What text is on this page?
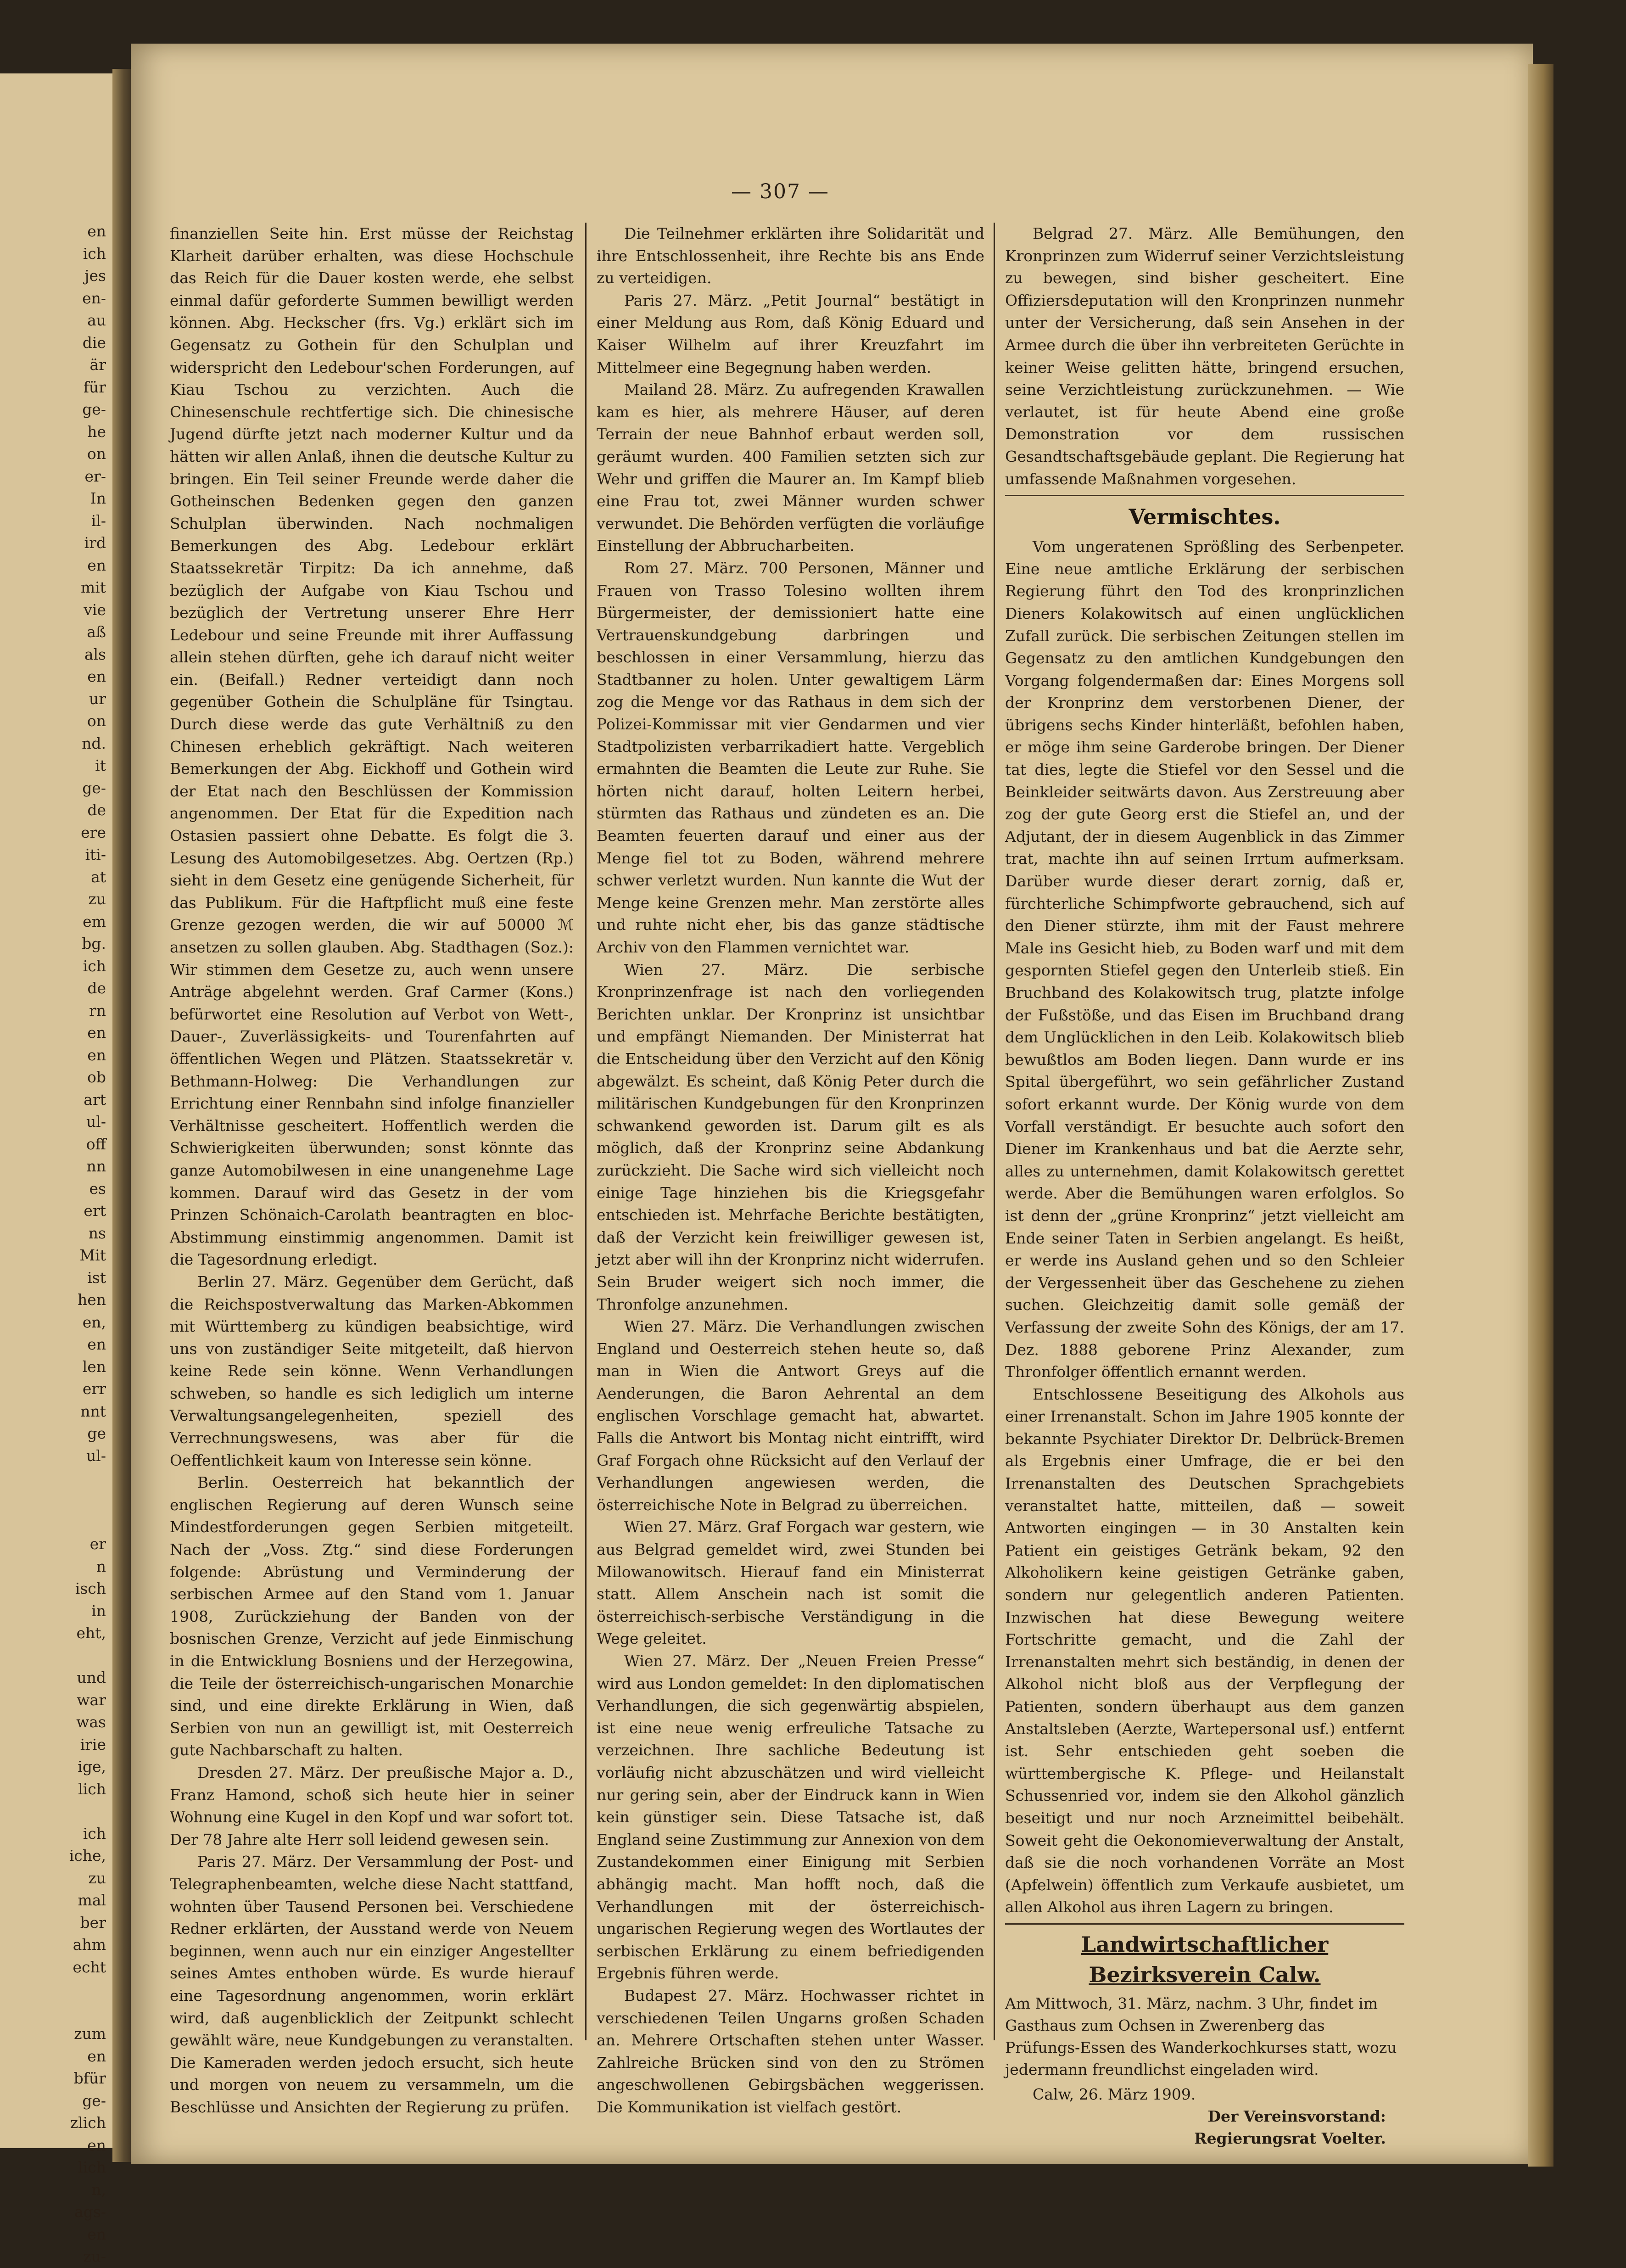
en
ich
jes
en-
au
die
är
für
ge-
he
on
er-
In
il-
ird
en
mit
vie
aß
als
en
ur
on
nd.
it
ge-
de
ere
iti-
at
zu
em
bg.
ich
de
rn
en
en
ob
art
ul-
off
nn
es
ert
ns
Mit
ist
hen
en,
en
len
err
nnt
ge
ul-
er
n
isch
in
eht,

und
war
was
irie
ige,
lich

ich
iche,
zu
mal
ber
ahm
echt

zum
en
bfür
ge-
zlich
en
lich
n,
ags-
en
zu-
— 307 —

finanziellen Seite hin. Erst müsse der Reichstag Klarheit darüber erhalten, was diese Hochschule das Reich für die Dauer kosten werde, ehe selbst einmal dafür geforderte Summen bewilligt werden können. Abg. Heckscher (frs. Vg.) erklärt sich im Gegensatz zu Gothein für den Schulplan und widerspricht den Ledebour'schen Forderungen, auf Kiau Tschou zu verzichten. Auch die Chinesenschule rechtfertige sich. Die chinesische Jugend dürfte jetzt nach moderner Kultur und da hätten wir allen Anlaß, ihnen die deutsche Kultur zu bringen. Ein Teil seiner Freunde werde daher die Gotheinschen Bedenken gegen den ganzen Schulplan überwinden. Nach nochmaligen Bemerkungen des Abg. Ledebour erklärt Staatssekretär Tirpitz: Da ich annehme, daß bezüglich der Aufgabe von Kiau Tschou und bezüglich der Vertretung unserer Ehre Herr Ledebour und seine Freunde mit ihrer Auffassung allein stehen dürften, gehe ich darauf nicht weiter ein. (Beifall.) Redner verteidigt dann noch gegenüber Gothein die Schulpläne für Tsingtau. Durch diese werde das gute Verhältniß zu den Chinesen erheblich gekräftigt. Nach weiteren Bemerkungen der Abg. Eickhoff und Gothein wird der Etat nach den Beschlüssen der Kommission angenommen. Der Etat für die Expedition nach Ostasien passiert ohne Debatte. Es folgt die 3. Lesung des Automobilgesetzes. Abg. Oertzen (Rp.) sieht in dem Gesetz eine genügende Sicherheit, für das Publikum. Für die Haftpflicht muß eine feste Grenze gezogen werden, die wir auf 50000 ℳ ansetzen zu sollen glauben. Abg. Stadthagen (Soz.): Wir stimmen dem Gesetze zu, auch wenn unsere Anträge abgelehnt werden. Graf Carmer (Kons.) befürwortet eine Resolution auf Verbot von Wett-, Dauer-, Zuverlässigkeits- und Tourenfahrten auf öffentlichen Wegen und Plätzen. Staatssekretär v. Bethmann-Holweg: Die Verhandlungen zur Errichtung einer Rennbahn sind infolge finanzieller Verhältnisse gescheitert. Hoffentlich werden die Schwierigkeiten überwunden; sonst könnte das ganze Automobilwesen in eine unangenehme Lage kommen. Darauf wird das Gesetz in der vom Prinzen Schönaich-Carolath beantragten en bloc-Abstimmung einstimmig angenommen. Damit ist die Tagesordnung erledigt.

Berlin 27. März. Gegenüber dem Gerücht, daß die Reichspostverwaltung das Marken-Abkommen mit Württemberg zu kündigen beabsichtige, wird uns von zuständiger Seite mitgeteilt, daß hiervon keine Rede sein könne. Wenn Verhandlungen schweben, so handle es sich lediglich um interne Verwaltungsangelegenheiten, speziell des Verrechnungswesens, was aber für die Oeffentlichkeit kaum von Interesse sein könne.

Berlin. Oesterreich hat bekanntlich der englischen Regierung auf deren Wunsch seine Mindestforderungen gegen Serbien mitgeteilt. Nach der „Voss. Ztg.“ sind diese Forderungen folgende: Abrüstung und Verminderung der serbischen Armee auf den Stand vom 1. Januar 1908, Zurückziehung der Banden von der bosnischen Grenze, Verzicht auf jede Einmischung in die Entwicklung Bosniens und der Herzegowina, die Teile der österreichisch-ungarischen Monarchie sind, und eine direkte Erklärung in Wien, daß Serbien von nun an gewilligt ist, mit Oesterreich gute Nachbarschaft zu halten.

Dresden 27. März. Der preußische Major a. D., Franz Hamond, schoß sich heute hier in seiner Wohnung eine Kugel in den Kopf und war sofort tot. Der 78 Jahre alte Herr soll leidend gewesen sein.

Paris 27. März. Der Versammlung der Post- und Telegraphenbeamten, welche diese Nacht stattfand, wohnten über Tausend Personen bei. Verschiedene Redner erklärten, der Ausstand werde von Neuem beginnen, wenn auch nur ein einziger Angestellter seines Amtes enthoben würde. Es wurde hierauf eine Tagesordnung angenommen, worin erklärt wird, daß augenblicklich der Zeitpunkt schlecht gewählt wäre, neue Kundgebungen zu veranstalten. Die Kameraden werden jedoch ersucht, sich heute und morgen von neuem zu versammeln, um die Beschlüsse und Ansichten der Regierung zu prüfen.

Die Teilnehmer erklärten ihre Solidarität und ihre Entschlossenheit, ihre Rechte bis ans Ende zu verteidigen.

Paris 27. März. „Petit Journal“ bestätigt in einer Meldung aus Rom, daß König Eduard und Kaiser Wilhelm auf ihrer Kreuzfahrt im Mittelmeer eine Begegnung haben werden.

Mailand 28. März. Zu aufregenden Krawallen kam es hier, als mehrere Häuser, auf deren Terrain der neue Bahnhof erbaut werden soll, geräumt wurden. 400 Familien setzten sich zur Wehr und griffen die Maurer an. Im Kampf blieb eine Frau tot, zwei Männer wurden schwer verwundet. Die Behörden verfügten die vorläufige Einstellung der Abbrucharbeiten.

Rom 27. März. 700 Personen, Männer und Frauen von Trasso Tolesino wollten ihrem Bürgermeister, der demissioniert hatte eine Vertrauenskundgebung darbringen und beschlossen in einer Versammlung, hierzu das Stadtbanner zu holen. Unter gewaltigem Lärm zog die Menge vor das Rathaus in dem sich der Polizei-Kommissar mit vier Gendarmen und vier Stadtpolizisten verbarrikadiert hatte. Vergeblich ermahnten die Beamten die Leute zur Ruhe. Sie hörten nicht darauf, holten Leitern herbei, stürmten das Rathaus und zündeten es an. Die Beamten feuerten darauf und einer aus der Menge fiel tot zu Boden, während mehrere schwer verletzt wurden. Nun kannte die Wut der Menge keine Grenzen mehr. Man zerstörte alles und ruhte nicht eher, bis das ganze städtische Archiv von den Flammen vernichtet war.

Wien 27. März. Die serbische Kronprinzenfrage ist nach den vorliegenden Berichten unklar. Der Kronprinz ist unsichtbar und empfängt Niemanden. Der Ministerrat hat die Entscheidung über den Verzicht auf den König abgewälzt. Es scheint, daß König Peter durch die militärischen Kundgebungen für den Kronprinzen schwankend geworden ist. Darum gilt es als möglich, daß der Kronprinz seine Abdankung zurückzieht. Die Sache wird sich vielleicht noch einige Tage hinziehen bis die Kriegsgefahr entschieden ist. Mehrfache Berichte bestätigten, daß der Verzicht kein freiwilliger gewesen ist, jetzt aber will ihn der Kronprinz nicht widerrufen. Sein Bruder weigert sich noch immer, die Thronfolge anzunehmen.

Wien 27. März. Die Verhandlungen zwischen England und Oesterreich stehen heute so, daß man in Wien die Antwort Greys auf die Aenderungen, die Baron Aehrental an dem englischen Vorschlage gemacht hat, abwartet. Falls die Antwort bis Montag nicht eintrifft, wird Graf Forgach ohne Rücksicht auf den Verlauf der Verhandlungen angewiesen werden, die österreichische Note in Belgrad zu überreichen.

Wien 27. März. Graf Forgach war gestern, wie aus Belgrad gemeldet wird, zwei Stunden bei Milowanowitsch. Hierauf fand ein Ministerrat statt. Allem Anschein nach ist somit die österreichisch-serbische Verständigung in die Wege geleitet.

Wien 27. März. Der „Neuen Freien Presse“ wird aus London gemeldet: In den diplomatischen Verhandlungen, die sich gegenwärtig abspielen, ist eine neue wenig erfreuliche Tatsache zu verzeichnen. Ihre sachliche Bedeutung ist vorläufig nicht abzuschätzen und wird vielleicht nur gering sein, aber der Eindruck kann in Wien kein günstiger sein. Diese Tatsache ist, daß England seine Zustimmung zur Annexion von dem Zustandekommen einer Einigung mit Serbien abhängig macht. Man hofft noch, daß die Verhandlungen mit der österreichisch-ungarischen Regierung wegen des Wortlautes der serbischen Erklärung zu einem befriedigenden Ergebnis führen werde.

Budapest 27. März. Hochwasser richtet in verschiedenen Teilen Ungarns großen Schaden an. Mehrere Ortschaften stehen unter Wasser. Zahlreiche Brücken sind von den zu Strömen angeschwollenen Gebirgsbächen weggerissen. Die Kommunikation ist vielfach gestört.

Belgrad 27. März. Alle Bemühungen, den Kronprinzen zum Widerruf seiner Verzichtsleistung zu bewegen, sind bisher gescheitert. Eine Offiziersdeputation will den Kronprinzen nunmehr unter der Versicherung, daß sein Ansehen in der Armee durch die über ihn verbreiteten Gerüchte in keiner Weise gelitten hätte, bringend ersuchen, seine Verzichtleistung zurückzunehmen. — Wie verlautet, ist für heute Abend eine große Demonstration vor dem russischen Gesandtschaftsgebäude geplant. Die Regierung hat umfassende Maßnahmen vorgesehen.

Vermischtes.

Vom ungeratenen Sprößling des Serbenpeter. Eine neue amtliche Erklärung der serbischen Regierung führt den Tod des kronprinzlichen Dieners Kolakowitsch auf einen unglücklichen Zufall zurück. Die serbischen Zeitungen stellen im Gegensatz zu den amtlichen Kundgebungen den Vorgang folgendermaßen dar: Eines Morgens soll der Kronprinz dem verstorbenen Diener, der übrigens sechs Kinder hinterläßt, befohlen haben, er möge ihm seine Garderobe bringen. Der Diener tat dies, legte die Stiefel vor den Sessel und die Beinkleider seitwärts davon. Aus Zerstreuung aber zog der gute Georg erst die Stiefel an, und der Adjutant, der in diesem Augenblick in das Zimmer trat, machte ihn auf seinen Irrtum aufmerksam. Darüber wurde dieser derart zornig, daß er, fürchterliche Schimpfworte gebrauchend, sich auf den Diener stürzte, ihm mit der Faust mehrere Male ins Gesicht hieb, zu Boden warf und mit dem gespornten Stiefel gegen den Unterleib stieß. Ein Bruchband des Kolakowitsch trug, platzte infolge der Fußstöße, und das Eisen im Bruchband drang dem Unglücklichen in den Leib. Kolakowitsch blieb bewußtlos am Boden liegen. Dann wurde er ins Spital übergeführt, wo sein gefährlicher Zustand sofort erkannt wurde. Der König wurde von dem Vorfall verständigt. Er besuchte auch sofort den Diener im Krankenhaus und bat die Aerzte sehr, alles zu unternehmen, damit Kolakowitsch gerettet werde. Aber die Bemühungen waren erfolglos. So ist denn der „grüne Kronprinz“ jetzt vielleicht am Ende seiner Taten in Serbien angelangt. Es heißt, er werde ins Ausland gehen und so den Schleier der Vergessenheit über das Geschehene zu ziehen suchen. Gleichzeitig damit solle gemäß der Verfassung der zweite Sohn des Königs, der am 17. Dez. 1888 geborene Prinz Alexander, zum Thronfolger öffentlich ernannt werden.

Entschlossene Beseitigung des Alkohols aus einer Irrenanstalt. Schon im Jahre 1905 konnte der bekannte Psychiater Direktor Dr. Delbrück-Bremen als Ergebnis einer Umfrage, die er bei den Irrenanstalten des Deutschen Sprachgebiets veranstaltet hatte, mitteilen, daß — soweit Antworten eingingen — in 30 Anstalten kein Patient ein geistiges Getränk bekam, 92 den Alkoholikern keine geistigen Getränke gaben, sondern nur gelegentlich anderen Patienten. Inzwischen hat diese Bewegung weitere Fortschritte gemacht, und die Zahl der Irrenanstalten mehrt sich beständig, in denen der Alkohol nicht bloß aus der Verpflegung der Patienten, sondern überhaupt aus dem ganzen Anstaltsleben (Aerzte, Wartepersonal usf.) entfernt ist. Sehr entschieden geht soeben die württembergische K. Pflege- und Heilanstalt Schussenried vor, indem sie den Alkohol gänzlich beseitigt und nur noch Arzneimittel beibehält. Soweit geht die Oekonomieverwaltung der Anstalt, daß sie die noch vorhandenen Vorräte an Most (Apfelwein) öffentlich zum Verkaufe ausbietet, um allen Alkohol aus ihren Lagern zu bringen.

Landwirtschaftlicher Bezirksverein Calw.
Am Mittwoch, 31. März, nachm. 3 Uhr, findet im Gasthaus zum Ochsen in Zwerenberg das Prüfungs-Essen des Wanderkochkurses statt, wozu jedermann freundlichst eingeladen wird.
Calw, 26. März 1909.
Der Vereinsvorstand:
Regierungsrat Voelter.
